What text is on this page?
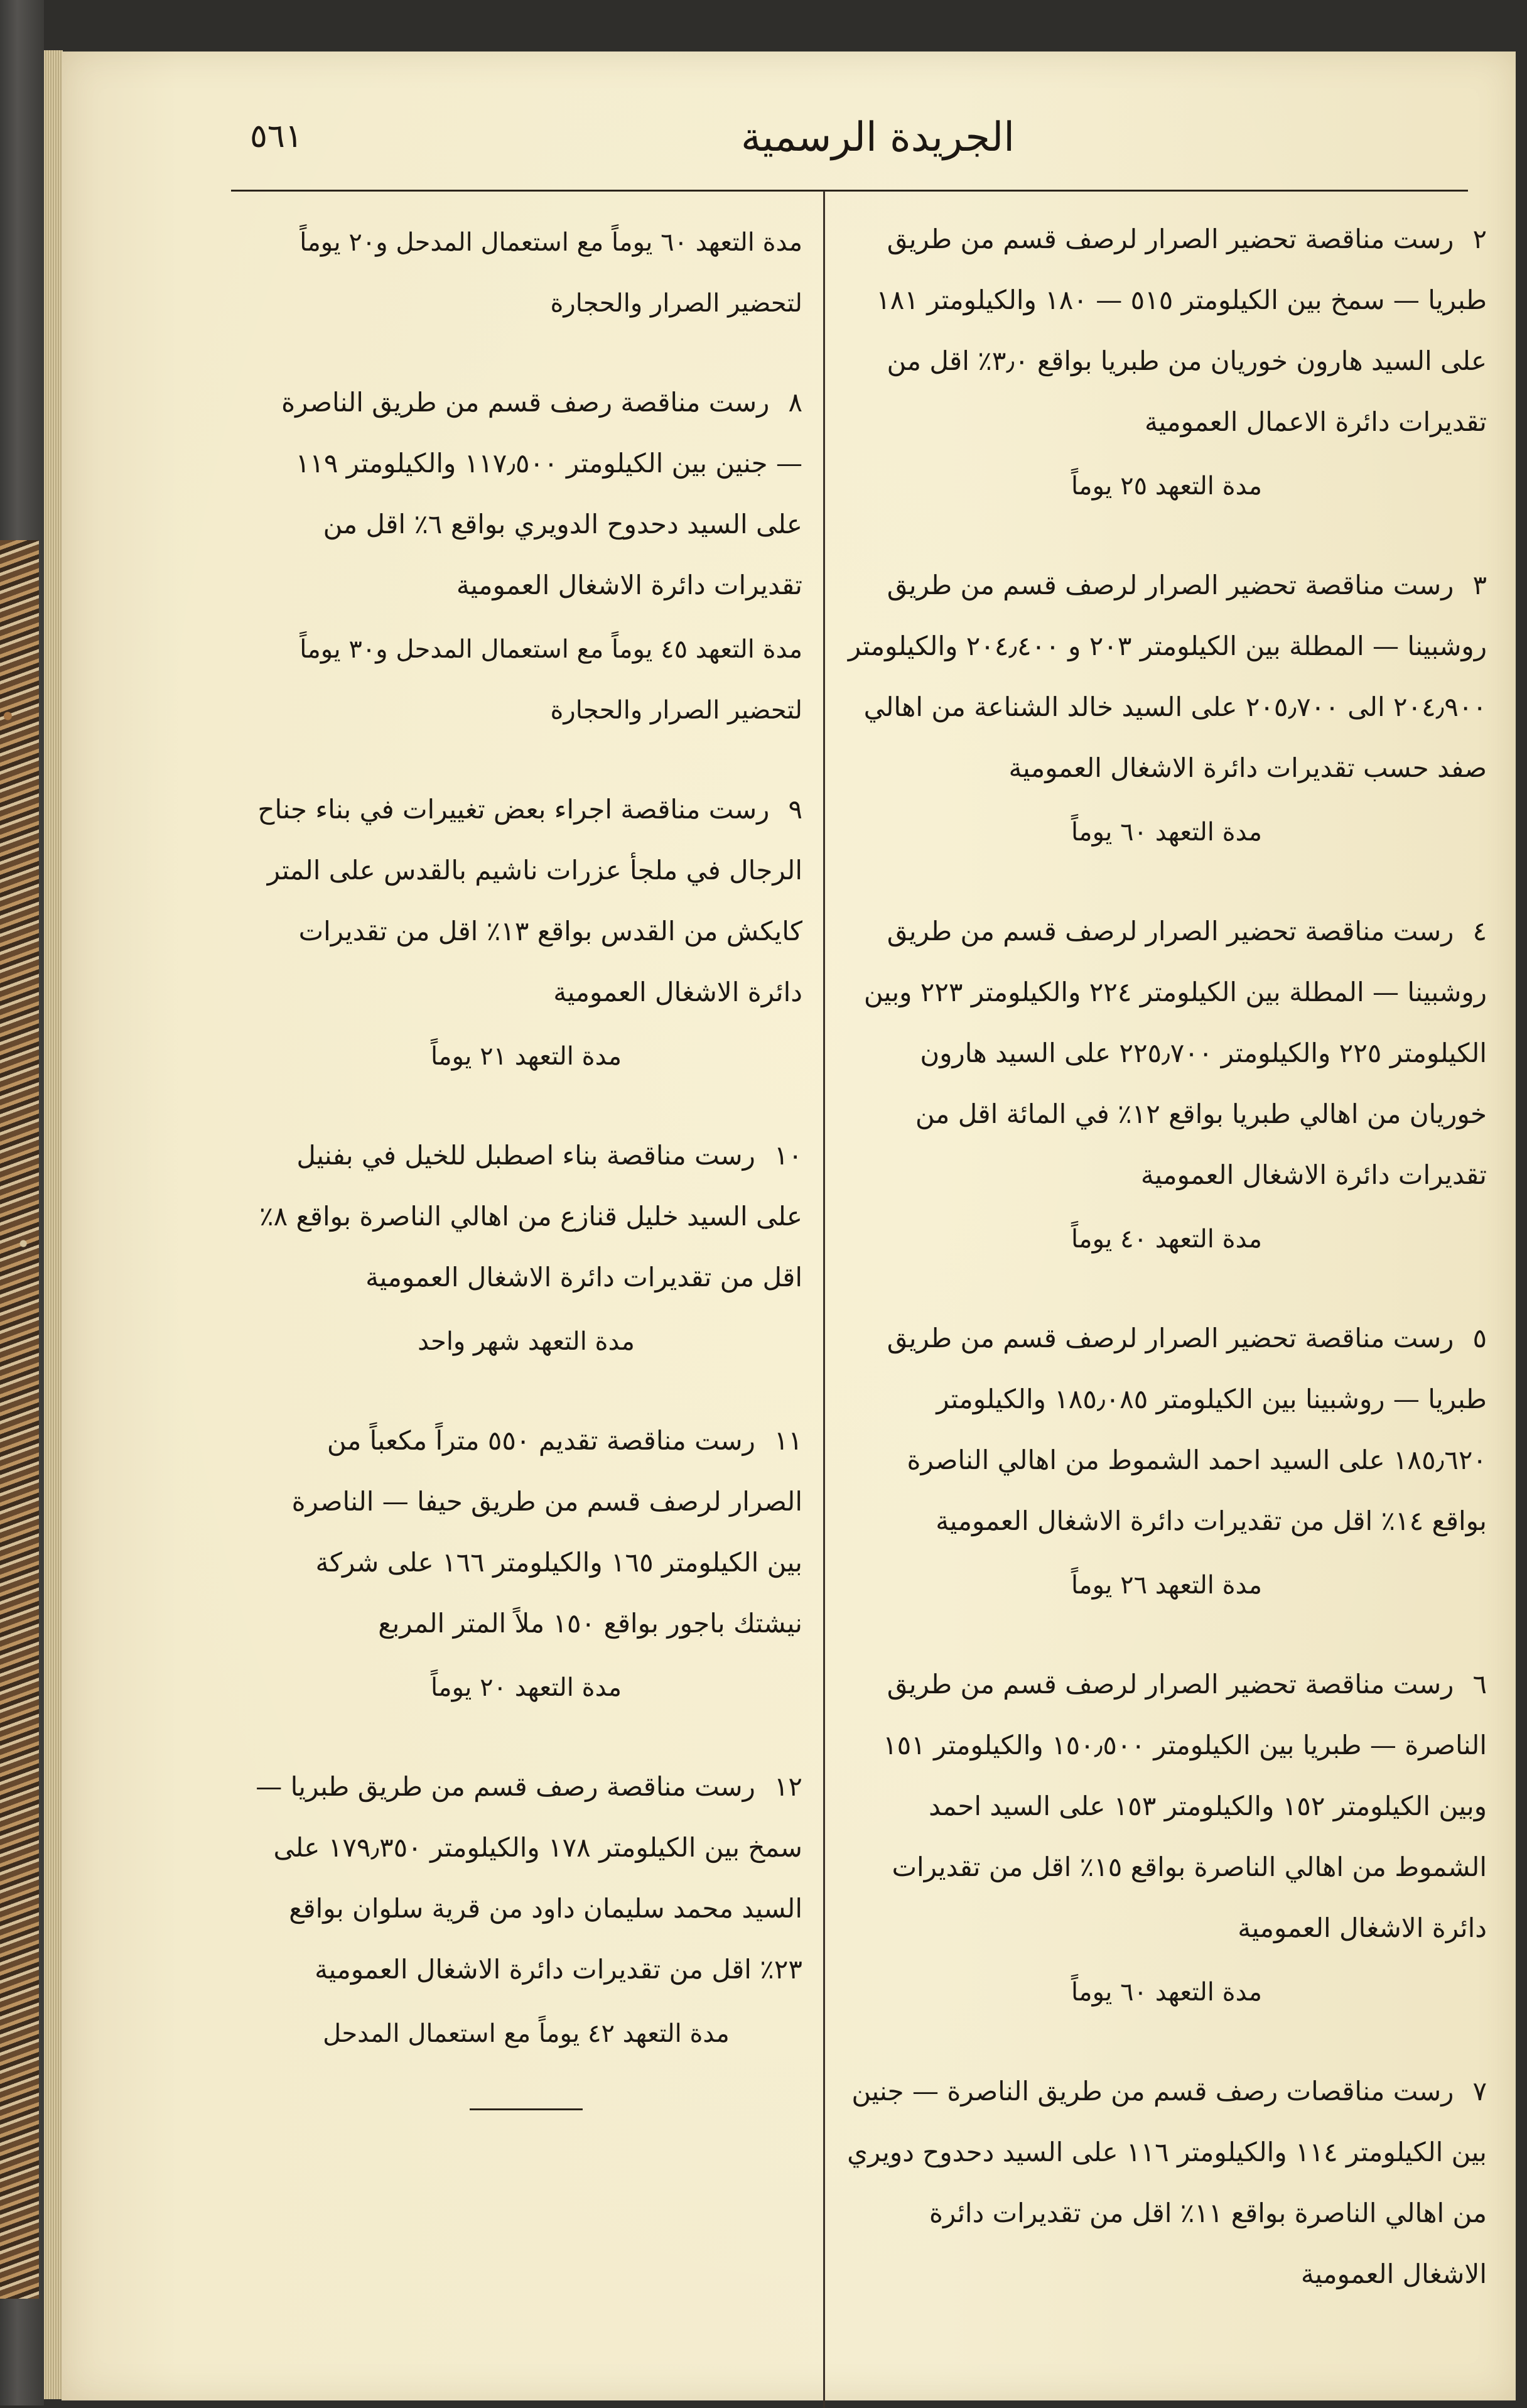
٥٦١	الجريدة الرسمية
٢رست مناقصة تحضير الصرار لرصف قسم من طريق طبريا — سمخ بين الكيلومتر ٥١٥ — ١٨٠ والكيلومتر ١٨١ على السيد هارون خوريان من طبريا بواقع ٣٫٠٪ اقل من تقديرات دائرة الاعمال العمومية
مدة التعهد ٢٥ يوماً
٣رست مناقصة تحضير الصرار لرصف قسم من طريق روشبينا — المطلة بين الكيلومتر ٢٠٣ و ٢٠٤٫٤٠٠ والكيلومتر ٢٠٤٫٩٠٠ الى ٢٠٥٫٧٠٠ على السيد خالد الشناعة من اهالي صفد حسب تقديرات دائرة الاشغال العمومية
مدة التعهد ٦٠ يوماً
٤رست مناقصة تحضير الصرار لرصف قسم من طريق روشبينا — المطلة بين الكيلومتر ٢٢٤ والكيلومتر ٢٢٣ وبين الكيلومتر ٢٢٥ والكيلومتر ٢٢٥٫٧٠٠ على السيد هارون خوريان من اهالي طبريا بواقع ١٢٪ في المائة اقل من تقديرات دائرة الاشغال العمومية
مدة التعهد ٤٠ يوماً
٥رست مناقصة تحضير الصرار لرصف قسم من طريق طبريا — روشبينا بين الكيلومتر ١٨٥٫٠٨٥ والكيلومتر ١٨٥٫٦٢٠ على السيد احمد الشموط من اهالي الناصرة بواقع ١٤٪ اقل من تقديرات دائرة الاشغال العمومية
مدة التعهد ٢٦ يوماً
٦رست مناقصة تحضير الصرار لرصف قسم من طريق الناصرة — طبريا بين الكيلومتر ١٥٠٫٥٠٠ والكيلومتر ١٥١ وبين الكيلومتر ١٥٢ والكيلومتر ١٥٣ على السيد احمد الشموط من اهالي الناصرة بواقع ١٥٪ اقل من تقديرات دائرة الاشغال العمومية
مدة التعهد ٦٠ يوماً
٧رست مناقصات رصف قسم من طريق الناصرة — جنين بين الكيلومتر ١١٤ والكيلومتر ١١٦ على السيد دحدوح دويري من اهالي الناصرة بواقع ١١٪ اقل من تقديرات دائرة الاشغال العمومية
مدة التعهد ٦٠ يوماً مع استعمال المدحل و٢٠ يوماً لتحضير الصرار والحجارة
٨رست مناقصة رصف قسم من طريق الناصرة — جنين بين الكيلومتر ١١٧٫٥٠٠ والكيلومتر ١١٩ على السيد دحدوح الدويري بواقع ٦٪ اقل من تقديرات دائرة الاشغال العمومية
مدة التعهد ٤٥ يوماً مع استعمال المدحل و٣٠ يوماً لتحضير الصرار والحجارة
٩رست مناقصة اجراء بعض تغييرات في بناء جناح الرجال في ملجأ عزرات ناشيم بالقدس على المتر كايكش من القدس بواقع ١٣٪ اقل من تقديرات دائرة الاشغال العمومية
مدة التعهد ٢١ يوماً
١٠رست مناقصة بناء اصطبل للخيل في بفنيل على السيد خليل قنازع من اهالي الناصرة بواقع ٨٪ اقل من تقديرات دائرة الاشغال العمومية
مدة التعهد شهر واحد
١١رست مناقصة تقديم ٥٥٠ متراً مكعباً من الصرار لرصف قسم من طريق حيفا — الناصرة بين الكيلومتر ١٦٥ والكيلومتر ١٦٦ على شركة نيشتك باجور بواقع ١٥٠ ملاً المتر المربع
مدة التعهد ٢٠ يوماً
١٢رست مناقصة رصف قسم من طريق طبريا — سمخ بين الكيلومتر ١٧٨ والكيلومتر ١٧٩٫٣٥٠ على السيد محمد سليمان داود من قرية سلوان بواقع ٢٣٪ اقل من تقديرات دائرة الاشغال العمومية
مدة التعهد ٤٢ يوماً مع استعمال المدحل
